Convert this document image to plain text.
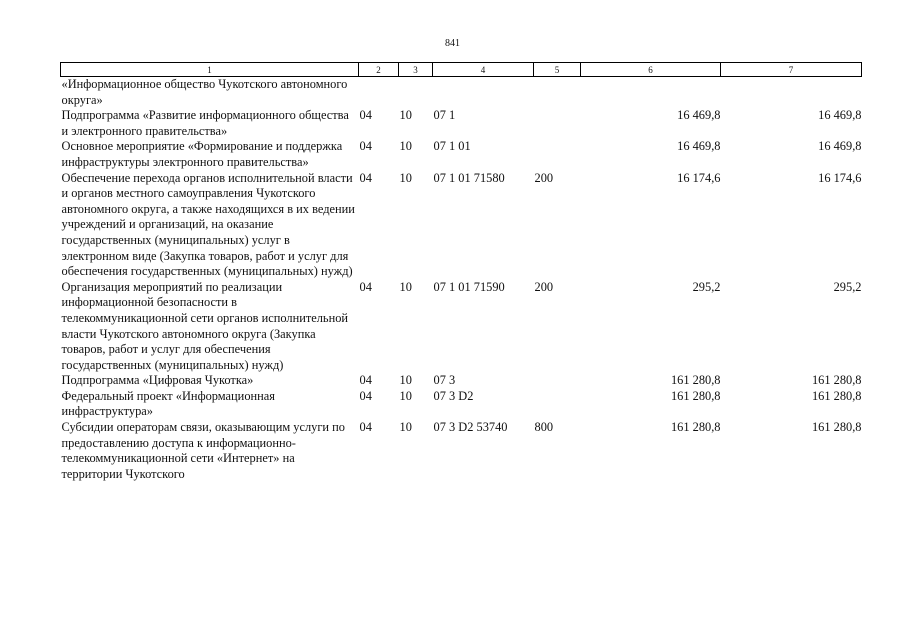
841
1	2	3	4	5	6	7
«Информационное общество Чукотского автономного округа»						
Подпрограмма «Развитие информационного общества и электронного правительства»	04	10	07 1		16 469,8	16 469,8
Основное мероприятие «Формирование и поддержка инфраструктуры электронного правительства»	04	10	07 1 01		16 469,8	16 469,8
Обеспечение перехода органов исполнительной власти и органов местного самоуправления Чукотского автономного округа, а также находящихся в их ведении учреждений и организаций, на оказание государственных (муниципальных) услуг в электронном виде (Закупка товаров, работ и услуг для обеспечения государственных (муниципальных) нужд)	04	10	07 1 01 71580	200	16 174,6	16 174,6
Организация мероприятий по реализации информационной безопасности в телекоммуникационной сети органов исполнительной власти Чукотского автономного округа (Закупка товаров, работ и услуг для обеспечения государственных (муниципальных) нужд)	04	10	07 1 01 71590	200	295,2	295,2
Подпрограмма «Цифровая Чукотка»	04	10	07 3		161 280,8	161 280,8
Федеральный проект «Информационная инфраструктура»	04	10	07 3 D2		161 280,8	161 280,8
Субсидии операторам связи, оказывающим услуги по предоставлению доступа к информационно-телекоммуникационной сети «Интернет» на территории Чукотского	04	10	07 3 D2 53740	800	161 280,8	161 280,8
